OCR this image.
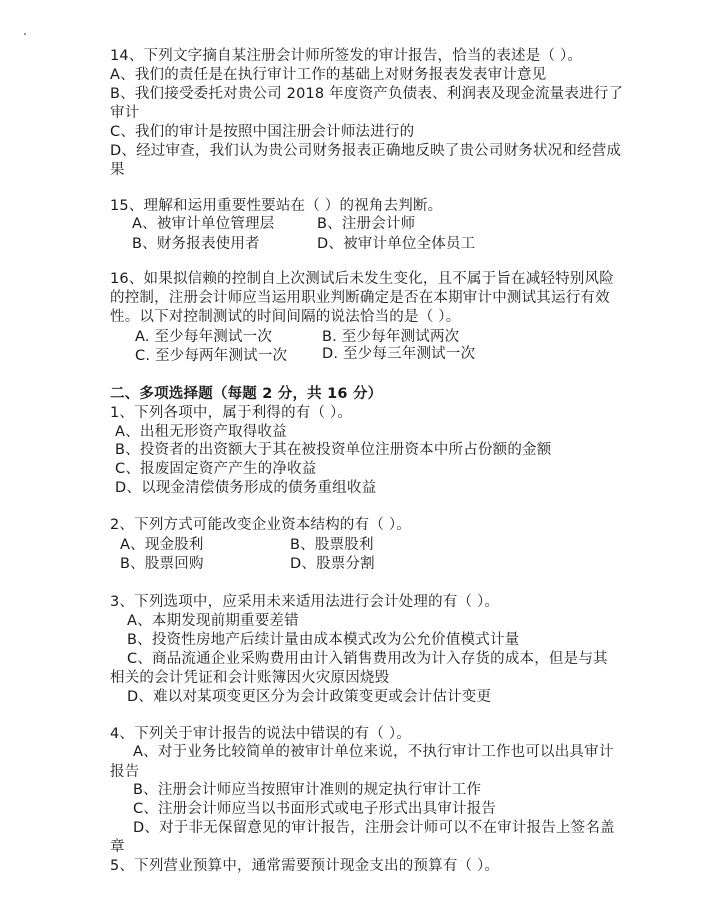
14、下列文字摘自某注册会计师所签发的审计报告，恰当的表述是（ ）。
A、我们的责任是在执行审计工作的基础上对财务报表发表审计意见
B、我们接受委托对贵公司 2018 年度资产负债表、利润表及现金流量表进行了
审计
C、我们的审计是按照中国注册会计师法进行的
D、经过审查，我们认为贵公司财务报表正确地反映了贵公司财务状况和经营成
果
15、理解和运用重要性要站在（ ）的视角去判断。
A、被审计单位管理层	B、注册会计师
B、财务报表使用者	D、被审计单位全体员工
16、如果拟信赖的控制自上次测试后未发生变化，且不属于旨在减轻特别风险
的控制，注册会计师应当运用职业判断确定是否在本期审计中测试其运行有效
性。以下对控制测试的时间间隔的说法恰当的是（ ）。
A. 至少每年测试一次	B. 至少每年测试两次
C. 至少每两年测试一次 D. 至少每三年测试一次
二、多项选择题（每题 2 分，共 16 分）
1、下列各项中，属于利得的有（ ）。
A、出租无形资产取得收益
B、投资者的出资额大于其在被投资单位注册资本中所占份额的金额
C、报废固定资产产生的净收益
D、以现金清偿债务形成的债务重组收益
2、下列方式可能改变企业资本结构的有（ ）。
A、现金股利	B、股票股利
B、股票回购	D、股票分割
3、下列选项中，应采用未来适用法进行会计处理的有（ ）。
A、本期发现前期重要差错
B、投资性房地产后续计量由成本模式改为公允价值模式计量
C、商品流通企业采购费用由计入销售费用改为计入存货的成本，但是与其
相关的会计凭证和会计账簿因火灾原因烧毁
D、难以对某项变更区分为会计政策变更或会计估计变更
4、下列关于审计报告的说法中错误的有（ ）。
A、对于业务比较简单的被审计单位来说，不执行审计工作也可以出具审计
报告
B、注册会计师应当按照审计准则的规定执行审计工作
C、注册会计师应当以书面形式或电子形式出具审计报告
D、对于非无保留意见的审计报告，注册会计师可以不在审计报告上签名盖
章
5、下列营业预算中，通常需要预计现金支出的预算有（ ）。
